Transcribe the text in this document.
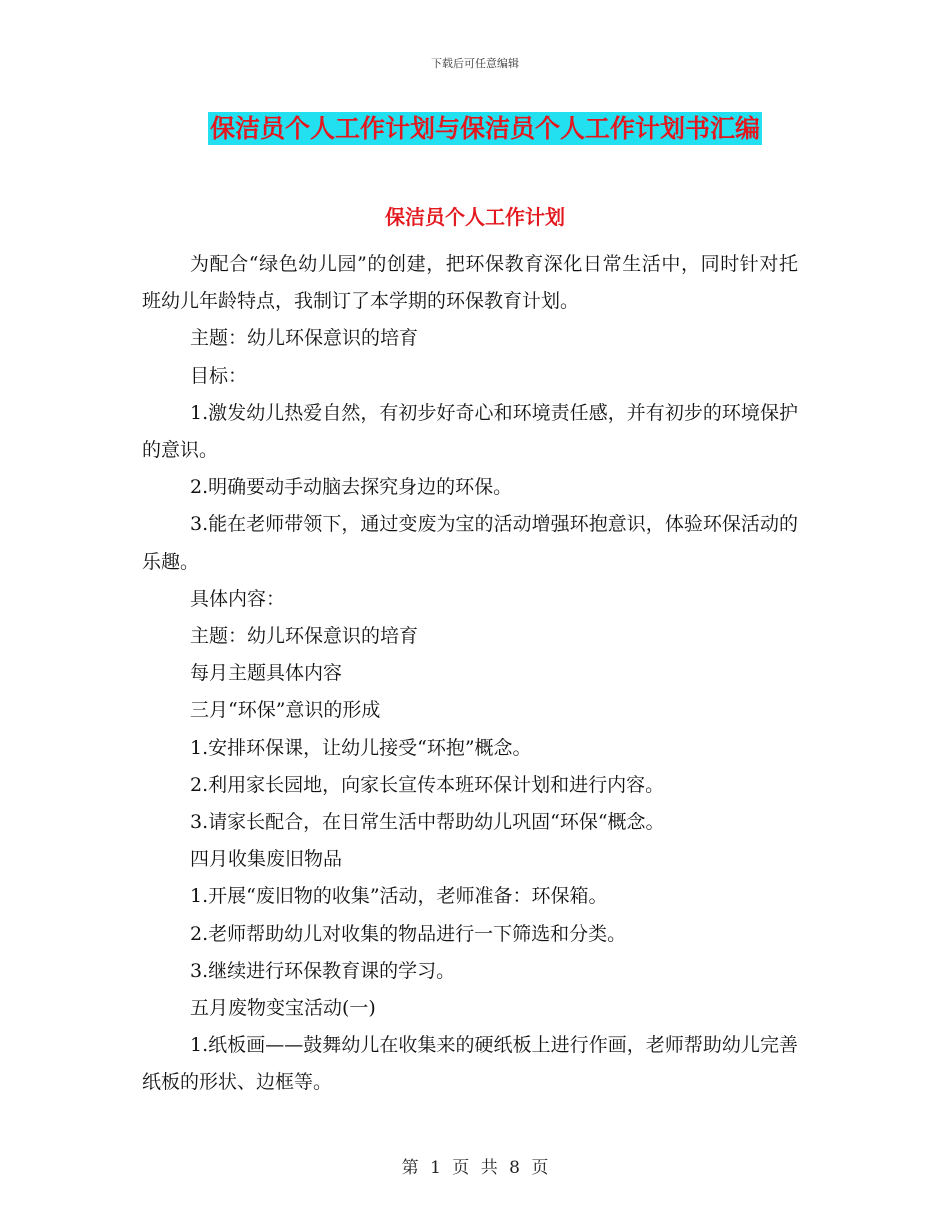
下载后可任意编辑
保洁员个人工作计划与保洁员个人工作计划书汇编
保洁员个人工作计划

为配合“绿色幼儿园”的创建，把环保教育深化日常生活中，同时针对托班幼儿年龄特点，我制订了本学期的环保教育计划。

主题：幼儿环保意识的培育

目标：

1.激发幼儿热爱自然，有初步好奇心和环境责任感，并有初步的环境保护的意识。

2.明确要动手动脑去探究身边的环保。

3.能在老师带领下，通过变废为宝的活动增强环抱意识，体验环保活动的乐趣。

具体内容：

主题：幼儿环保意识的培育

每月主题具体内容

三月“环保”意识的形成

1.安排环保课，让幼儿接受“环抱”概念。

2.利用家长园地，向家长宣传本班环保计划和进行内容。

3.请家长配合，在日常生活中帮助幼儿巩固“环保“概念。

四月收集废旧物品

1.开展“废旧物的收集”活动，老师准备：环保箱。

2.老师帮助幼儿对收集的物品进行一下筛选和分类。

3.继续进行环保教育课的学习。

五月废物变宝活动(一)

1.纸板画——鼓舞幼儿在收集来的硬纸板上进行作画，老师帮助幼儿完善纸板的形状、边框等。

第 1 页 共 8 页
